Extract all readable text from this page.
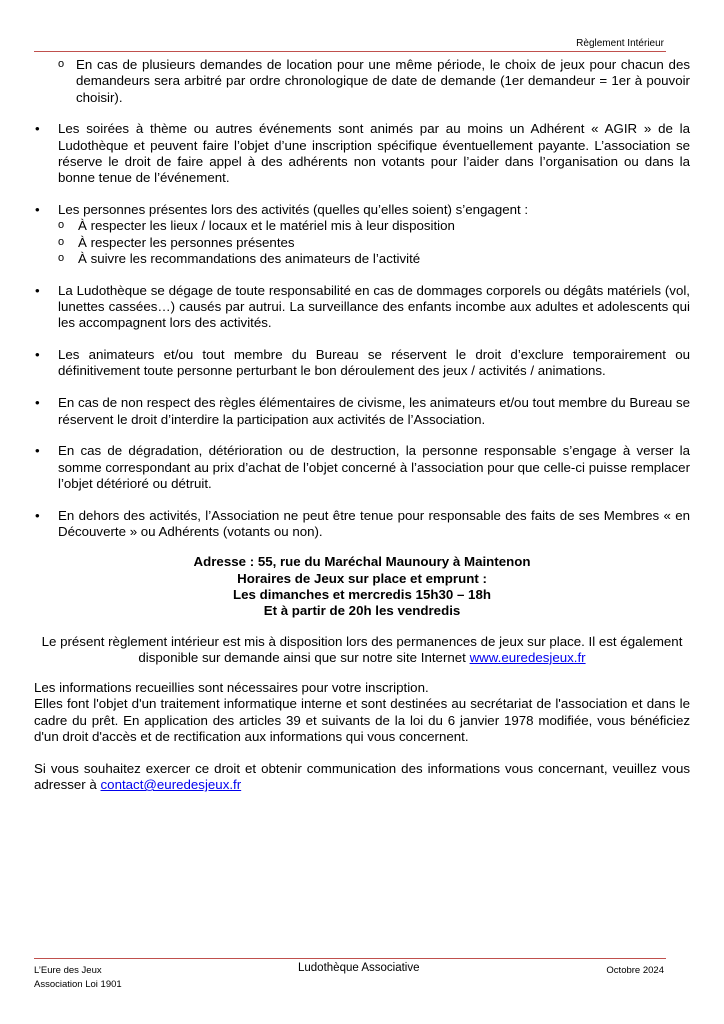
Règlement Intérieur
o En cas de plusieurs demandes de location pour une même période, le choix de jeux pour chacun des demandeurs sera arbitré par ordre chronologique de date de demande (1er demandeur = 1er à pouvoir choisir).
• Les soirées à thème ou autres événements sont animés par au moins un Adhérent « AGIR » de la Ludothèque et peuvent faire l’objet d’une inscription spécifique éventuellement payante. L’association se réserve le droit de faire appel à des adhérents non votants pour l’aider dans l’organisation ou dans la bonne tenue de l’événement.
• Les personnes présentes lors des activités (quelles qu’elles soient) s’engagent :
o À respecter les lieux / locaux et le matériel mis à leur disposition
o À respecter les personnes présentes
o À suivre les recommandations des animateurs de l’activité
• La Ludothèque se dégage de toute responsabilité en cas de dommages corporels ou dégâts matériels (vol, lunettes cassées…) causés par autrui. La surveillance des enfants incombe aux adultes et adolescents qui les accompagnent lors des activités.
• Les animateurs et/ou tout membre du Bureau se réservent le droit d’exclure temporairement ou définitivement toute personne perturbant le bon déroulement des jeux / activités / animations.
• En cas de non respect des règles élémentaires de civisme, les animateurs et/ou tout membre du Bureau se réservent le droit d’interdire la participation aux activités de l’Association.
• En cas de dégradation, détérioration ou de destruction, la personne responsable s’engage à verser la somme correspondant au prix d’achat de l’objet concerné à l’association pour que celle-ci puisse remplacer l’objet détérioré ou détruit.
• En dehors des activités, l’Association ne peut être tenue pour responsable des faits de ses Membres « en Découverte » ou Adhérents (votants ou non).
Adresse : 55, rue du Maréchal Maunoury à Maintenon
Horaires de Jeux sur place et emprunt :
Les dimanches et mercredis 15h30 – 18h
Et à partir de 20h les vendredis
Le présent règlement intérieur est mis à disposition lors des permanences de jeux sur place. Il est également disponible sur demande ainsi que sur notre site Internet www.euredesjeux.fr
Les informations recueillies sont nécessaires pour votre inscription.
Elles font l'objet d'un traitement informatique interne et sont destinées au secrétariat de l'association et dans le cadre du prêt. En application des articles 39 et suivants de la loi du 6 janvier 1978 modifiée, vous bénéficiez d'un droit d'accès et de rectification aux informations qui vous concernent.
Si vous souhaitez exercer ce droit et obtenir communication des informations vous concernant, veuillez vous adresser à contact@euredesjeux.fr
L’Eure des Jeux
Association Loi 1901
Ludothèque Associative	Octobre 2024
